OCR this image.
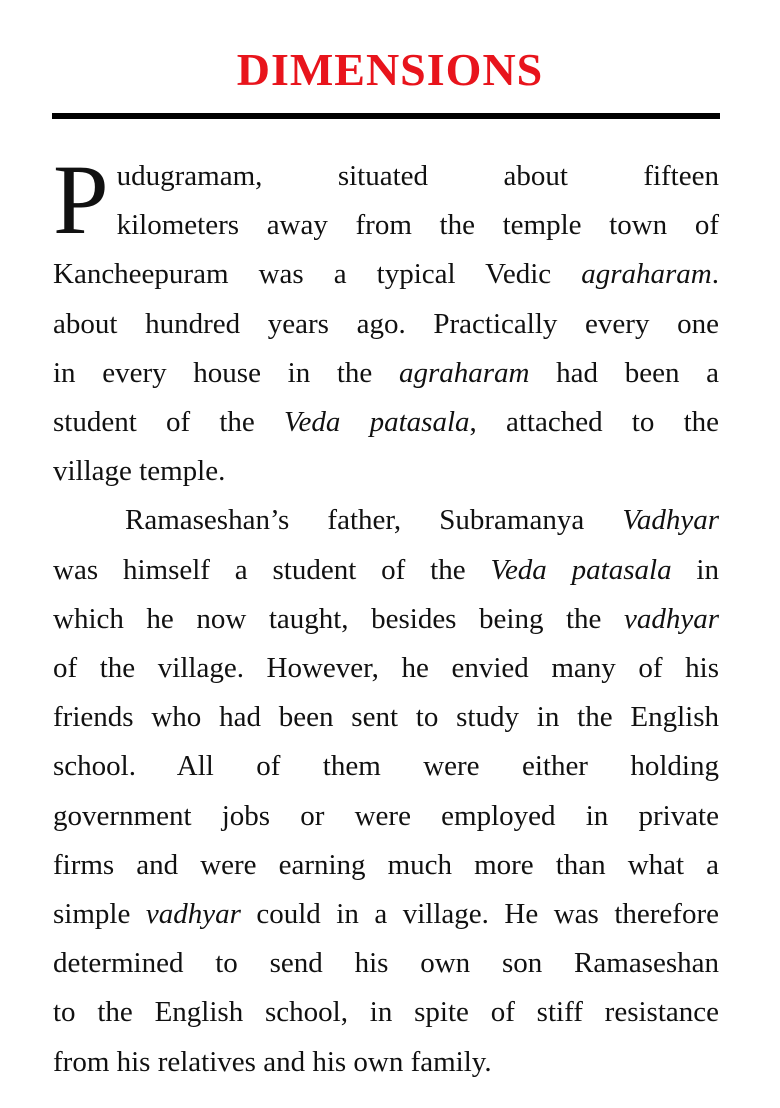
DIMENSIONS
P udugramam, situated about fifteen
kilometers away from the temple town of
Kancheepuram was a typical Vedic agraharam.
about hundred years ago. Practically every one
in every house in the agraharam had been a
student of the Veda patasala, attached to the
village temple.
Ramaseshan’s father, Subramanya Vadhyar
was himself a student of the Veda patasala in
which he now taught, besides being the vadhyar
of the village. However, he envied many of his
friends who had been sent to study in the English
school. All of them were either holding
government jobs or were employed in private
firms and were earning much more than what a
simple vadhyar could in a village. He was therefore
determined to send his own son Ramaseshan
to the English school, in spite of stiff resistance
from his relatives and his own family.
